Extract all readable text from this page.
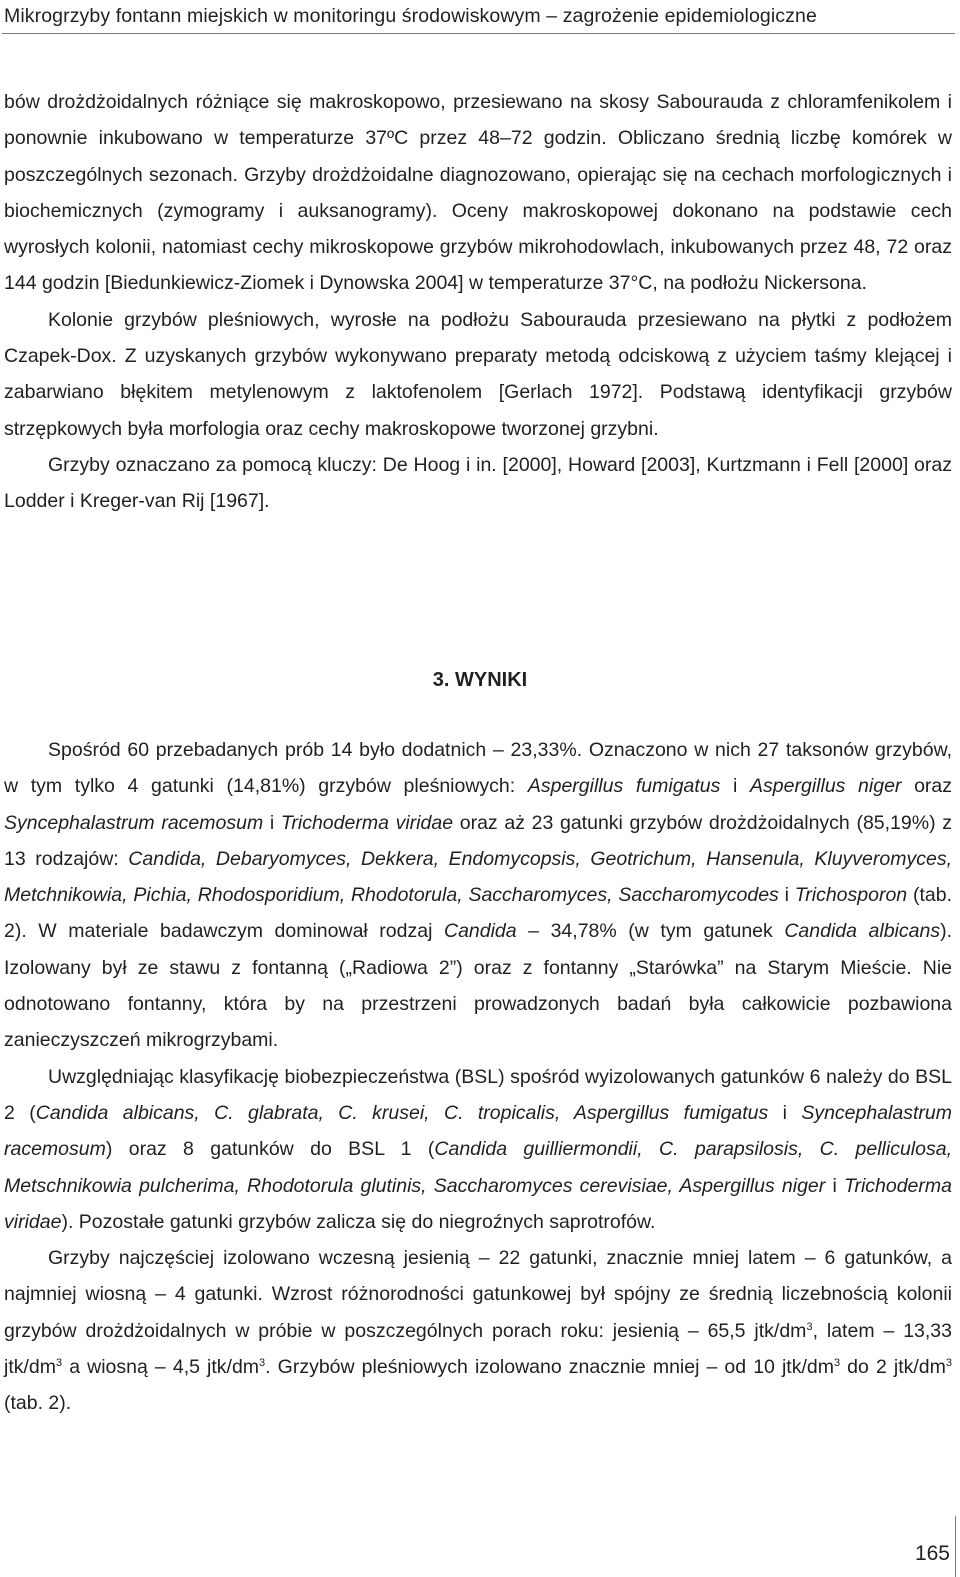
Mikrogrzyby fontann miejskich w monitoringu środowiskowym – zagrożenie epidemiologiczne

bów drożdżoidalnych różniące się makroskopowo, przesiewano na skosy Sabourauda z chloramfenikolem i ponownie inkubowano w temperaturze 37ºC przez 48–72 godzin. Obliczano średnią liczbę komórek w poszczególnych sezonach. Grzyby drożdżoidalne diagnozowano, opierając się na cechach morfologicznych i biochemicznych (zymogramy i auksanogramy). Oceny makroskopowej dokonano na podstawie cech wyrosłych kolonii, natomiast cechy mikroskopowe grzybów mikrohodowlach, inkubowanych przez 48, 72 oraz 144 godzin [Biedunkiewicz-Ziomek i Dynowska 2004] w temperaturze 37°C, na podłożu Nickersona.

Kolonie grzybów pleśniowych, wyrosłe na podłożu Sabourauda przesiewano na płytki z podłożem Czapek-Dox. Z uzyskanych grzybów wykonywano preparaty metodą odciskową z użyciem taśmy klejącej i zabarwiano błękitem metylenowym z laktofenolem [Gerlach 1972]. Podstawą identyfikacji grzybów strzępkowych była morfologia oraz cechy makroskopowe tworzonej grzybni.

Grzyby oznaczano za pomocą kluczy: De Hoog i in. [2000], Howard [2003], Kurtzmann i Fell [2000] oraz Lodder i Kreger-van Rij [1967].

3. WYNIKI

Spośród 60 przebadanych prób 14 było dodatnich – 23,33%. Oznaczono w nich 27 taksonów grzybów, w tym tylko 4 gatunki (14,81%) grzybów pleśniowych: Aspergillus fumigatus i Aspergillus niger oraz Syncephalastrum racemosum i Trichoderma viridae oraz aż 23 gatunki grzybów drożdżoidalnych (85,19%) z 13 rodzajów: Candida, Debaryomyces, Dekkera, Endomycopsis, Geotrichum, Hansenula, Kluyveromyces, Metchnikowia, Pichia, Rhodosporidium, Rhodotorula, Saccharomyces, Saccharomycodes i Trichosporon (tab. 2). W materiale badawczym dominował rodzaj Candida – 34,78% (w tym gatunek Candida albicans). Izolowany był ze stawu z fontanną („Radiowa 2”) oraz z fontanny „Starówka” na Starym Mieście. Nie odnotowano fontanny, która by na przestrzeni prowadzonych badań była całkowicie pozbawiona zanieczyszczeń mikrogrzybami.

Uwzględniając klasyfikację biobezpieczeństwa (BSL) spośród wyizolowanych gatunków 6 należy do BSL 2 (Candida albicans, C. glabrata, C. krusei, C. tropicalis, Aspergillus fumigatus i Syncephalastrum racemosum) oraz 8 gatunków do BSL 1 (Candida guilliermondii, C. parapsilosis, C. pelliculosa, Metschnikowia pulcherima, Rhodotorula glutinis, Saccharomyces cerevisiae, Aspergillus niger i Trichoderma viridae). Pozostałe gatunki grzybów zalicza się do niegroźnych saprotrofów.

Grzyby najczęściej izolowano wczesną jesienią – 22 gatunki, znacznie mniej latem – 6 gatunków, a najmniej wiosną – 4 gatunki. Wzrost różnorodności gatunkowej był spójny ze średnią liczebnością kolonii grzybów drożdżoidalnych w próbie w poszczególnych porach roku: jesienią – 65,5 jtk/$dm^3$, latem – 13,33 jtk/$dm^3$ a wiosną – 4,5 jtk/$dm^3$. Grzybów pleśniowych izolowano znacznie mniej – od 10 jtk/$dm^3$ do 2 jtk/$dm^3$ (tab. 2).

165
